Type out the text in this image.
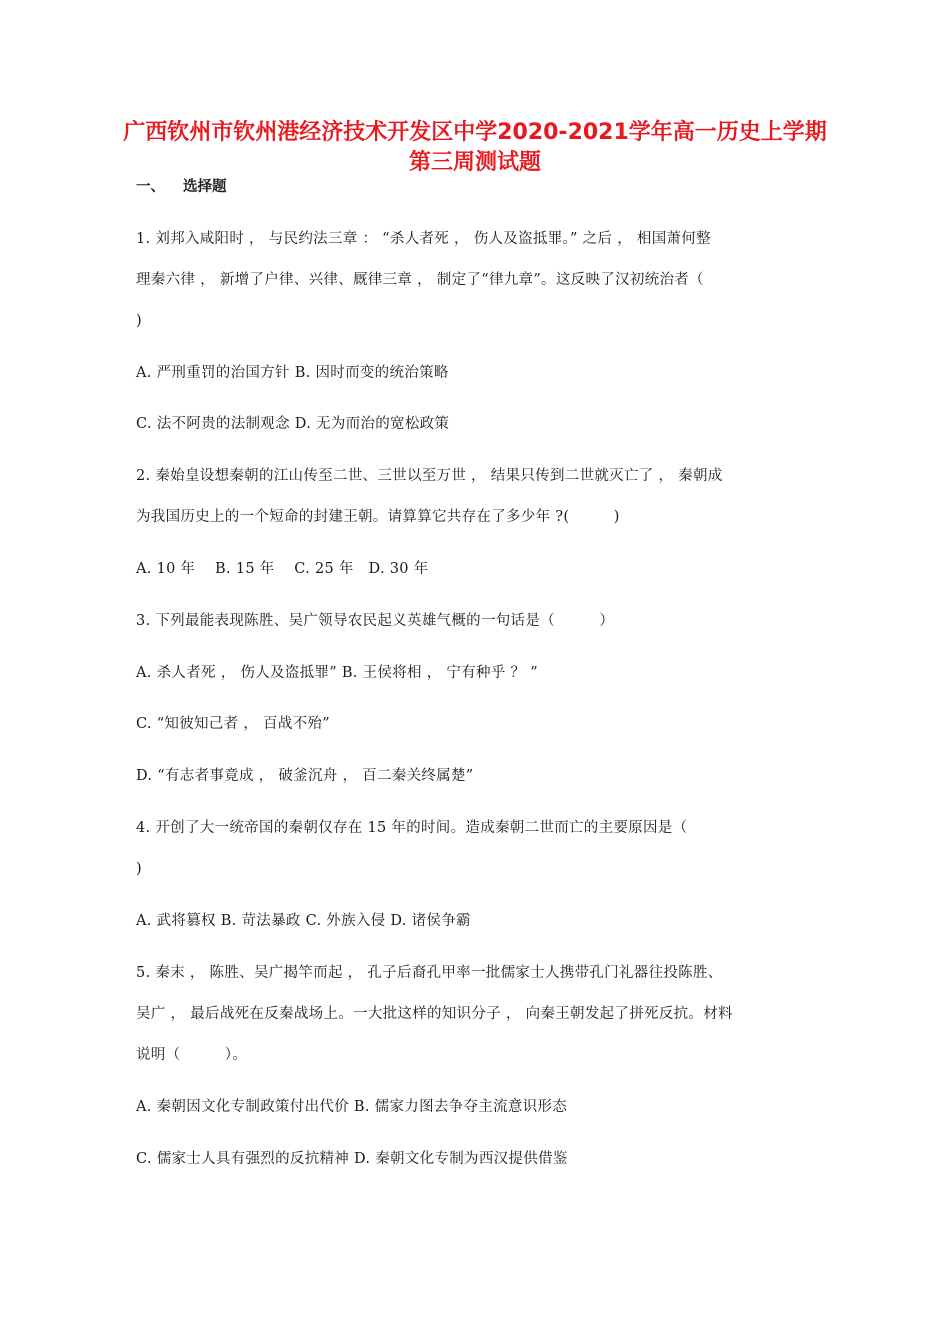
广西钦州市钦州港经济技术开发区中学2020-2021学年高一历史上学期第三周测试题
一、 选择题
1. 刘邦入咸阳时 ， 与民约法三章 ： “杀人者死 ， 伤人及盗抵罪。” 之后 ， 相国萧何整
理秦六律 ， 新增了户律、兴律、厩律三章 ， 制定了“律九章”。这反映了汉初统治者（
)
A. 严刑重罚的治国方针 B. 因时而变的统治策略
C. 法不阿贵的法制观念 D. 无为而治的宽松政策
2. 秦始皇设想秦朝的江山传至二世、三世以至万世 ， 结果只传到二世就灭亡了 ， 秦朝成
为我国历史上的一个短命的封建王朝。请算算它共存在了多少年 ?(　　　)
A. 10 年　 B. 15 年　 C. 25 年　D. 30 年
3. 下列最能表现陈胜、吴广领导农民起义英雄气概的一句话是（　　　）
A. 杀人者死 ， 伤人及盗抵罪” B. 王侯将相 ， 宁有种乎 ？ ”
C. “知彼知己者 ， 百战不殆”
D. “有志者事竟成 ， 破釜沉舟 ， 百二秦关终属楚”
4. 开创了大一统帝国的秦朝仅存在 15 年的时间。造成秦朝二世而亡的主要原因是（
)
A. 武将篡权 B. 苛法暴政 C. 外族入侵 D. 诸侯争霸
5. 秦末 ， 陈胜、吴广揭竿而起 ， 孔子后裔孔甲率一批儒家士人携带孔门礼器往投陈胜、
吴广 ， 最后战死在反秦战场上。一大批这样的知识分子 ， 向秦王朝发起了拼死反抗。材料
说明（　　　）。
A. 秦朝因文化专制政策付出代价 B. 儒家力图去争夺主流意识形态
C. 儒家士人具有强烈的反抗精神 D. 秦朝文化专制为西汉提供借鉴
